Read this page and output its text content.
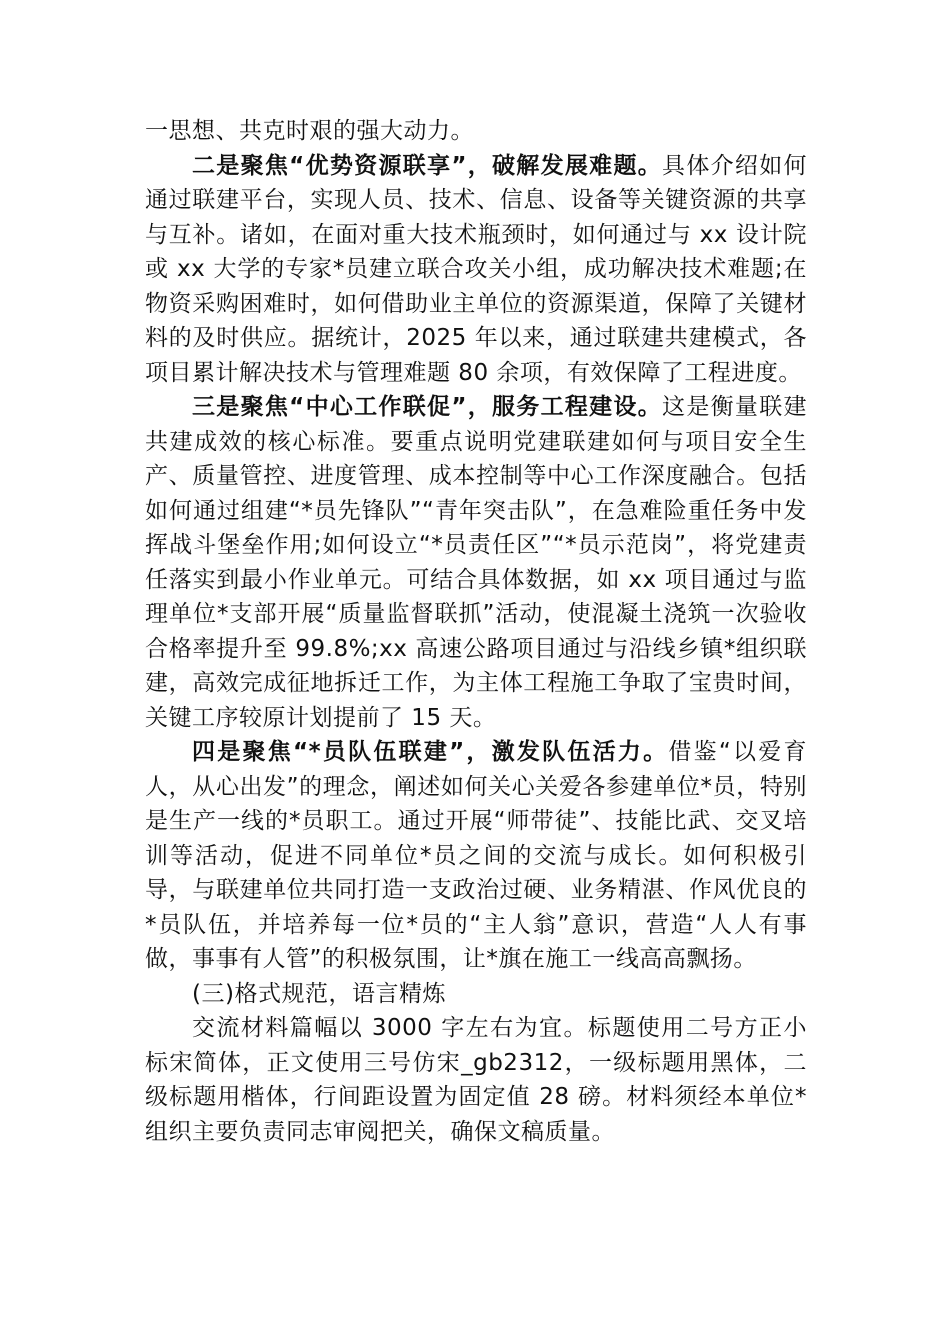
一思想、共克时艰的强大动力。

二是聚焦“优势资源联享”，破解发展难题。具体介绍如何通过联建平台，实现人员、技术、信息、设备等关键资源的共享与互补。诸如，在面对重大技术瓶颈时，如何通过与 xx 设计院或 xx 大学的专家*员建立联合攻关小组，成功解决技术难题;在物资采购困难时，如何借助业主单位的资源渠道，保障了关键材料的及时供应。据统计，2025 年以来，通过联建共建模式，各项目累计解决技术与管理难题 80 余项，有效保障了工程进度。

三是聚焦“中心工作联促”，服务工程建设。这是衡量联建共建成效的核心标准。要重点说明党建联建如何与项目安全生产、质量管控、进度管理、成本控制等中心工作深度融合。包括如何通过组建“*员先锋队”“青年突击队”，在急难险重任务中发挥战斗堡垒作用;如何设立“*员责任区”“*员示范岗”，将党建责任落实到最小作业单元。可结合具体数据，如 xx 项目通过与监理单位*支部开展“质量监督联抓”活动，使混凝土浇筑一次验收合格率提升至 99.8%;xx 高速公路项目通过与沿线乡镇*组织联建，高效完成征地拆迁工作，为主体工程施工争取了宝贵时间，关键工序较原计划提前了 15 天。

四是聚焦“*员队伍联建”，激发队伍活力。借鉴“以爱育人，从心出发”的理念，阐述如何关心关爱各参建单位*员，特别是生产一线的*员职工。通过开展“师带徒”、技能比武、交叉培训等活动，促进不同单位*员之间的交流与成长。如何积极引导，与联建单位共同打造一支政治过硬、业务精湛、作风优良的*员队伍，并培养每一位*员的“主人翁”意识，营造“人人有事做，事事有人管”的积极氛围，让*旗在施工一线高高飘扬。

(三)格式规范，语言精炼

交流材料篇幅以 3000 字左右为宜。标题使用二号方正小标宋简体，正文使用三号仿宋_gb2312，一级标题用黑体，二级标题用楷体，行间距设置为固定值 28 磅。材料须经本单位*组织主要负责同志审阅把关，确保文稿质量。
